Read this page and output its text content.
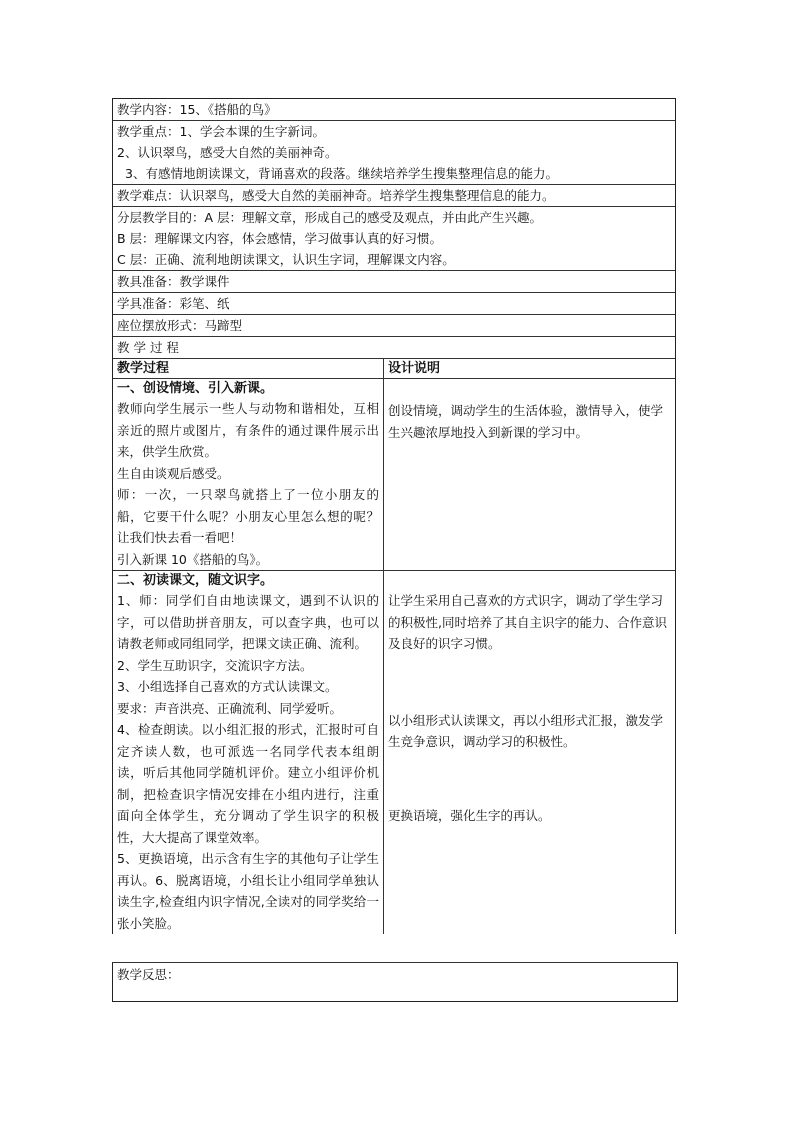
教学内容：15、《搭船的鸟》
教学重点：1、学会本课的生字新词。
2、认识翠鸟，感受大自然的美丽神奇。
3、有感情地朗读课文，背诵喜欢的段落。继续培养学生搜集整理信息的能力。
教学难点：认识翠鸟，感受大自然的美丽神奇。培养学生搜集整理信息的能力。
分层教学目的：A 层：理解文章，形成自己的感受及观点，并由此产生兴趣。
B 层：理解课文内容，体会感情，学习做事认真的好习惯。
C 层：正确、流利地朗读课文，认识生字词，理解课文内容。
教具准备：教学课件
学具准备：彩笔、纸
座位摆放形式：马蹄型
教 学 过 程
教学过程	设计说明
一、创设情境、引入新课。
教师向学生展示一些人与动物和谐相处，互相亲近的照片或图片，有条件的通过课件展示出来，供学生欣赏。
生自由谈观后感受。
师：一次，一只翠鸟就搭上了一位小朋友的船，它要干什么呢？小朋友心里怎么想的呢？让我们快去看一看吧！
引入新课 10《搭船的鸟》。
创设情境，调动学生的生活体验，激情导入，使学生兴趣浓厚地投入到新课的学习中。
二、初读课文，随文识字。
1、师：同学们自由地读课文，遇到不认识的字，可以借助拼音朋友，可以查字典，也可以请教老师或同组同学，把课文读正确、流利。
2、学生互助识字，交流识字方法。
3、小组选择自己喜欢的方式认读课文。
要求：声音洪亮、正确流利、同学爱听。
4、检查朗读。以小组汇报的形式，汇报时可自定齐读人数，也可派选一名同学代表本组朗读，听后其他同学随机评价。建立小组评价机制，把检查识字情况安排在小组内进行，注重面向全体学生，充分调动了学生识字的积极性，大大提高了课堂效率。
5、更换语境，出示含有生字的其他句子让学生再认。6、脱离语境，小组长让小组同学单独认读生字,检查组内识字情况,全读对的同学奖给一张小笑脸。
让学生采用自己喜欢的方式识字，调动了学生学习的积极性,同时培养了其自主识字的能力、合作意识及良好的识字习惯。
以小组形式认读课文，再以小组形式汇报，激发学生竞争意识，调动学习的积极性。
更换语境，强化生字的再认。
教学反思：
